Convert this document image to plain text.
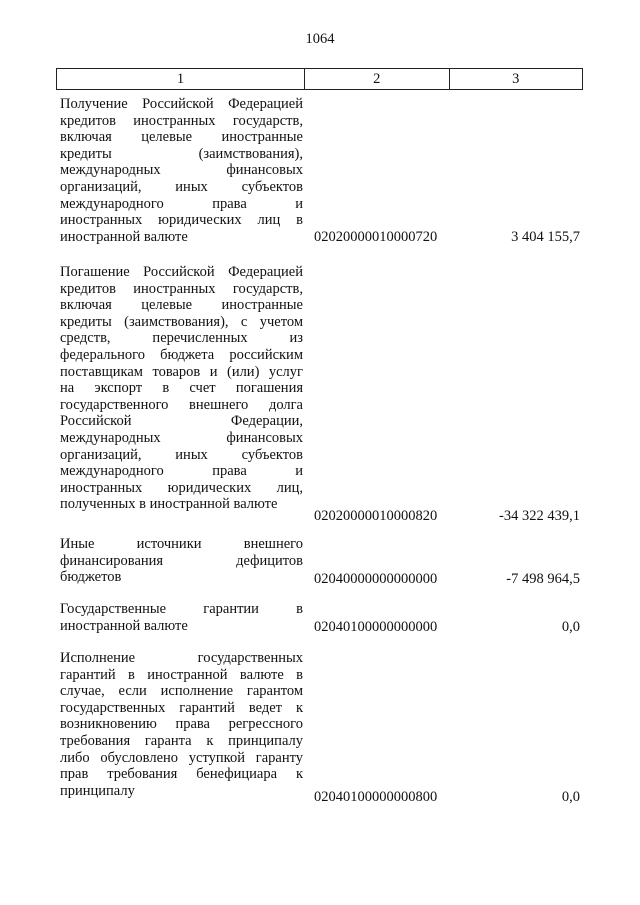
1064
1	2	3
Получение Российской Федерацией
кредитов иностранных государств,
включая целевые иностранные
кредиты (заимствования),
международных финансовых
организаций, иных субъектов
международного права и
иностранных юридических лиц в
иностранной валюте	02020000010000720	3 404 155,7
Погашение Российской Федерацией
кредитов иностранных государств,
включая целевые иностранные
кредиты (заимствования), с учетом
средств, перечисленных из
федерального бюджета российским
поставщикам товаров и (или) услуг
на экспорт в счет погашения
государственного внешнего долга
Российской Федерации,
международных финансовых
организаций, иных субъектов
международного права и
иностранных юридических лиц,
полученных в иностранной валюте
02020000010000820	-34 322 439,1
Иные источники внешнего
финансирования дефицитов
бюджетов	02040000000000000	-7 498 964,5
Государственные гарантии в
иностранной валюте	02040100000000000	0,0
Исполнение государственных
гарантий в иностранной валюте в
случае, если исполнение гарантом
государственных гарантий ведет к
возникновению права регрессного
требования гаранта к принципалу
либо обусловлено уступкой гаранту
прав требования бенефициара к
принципалу	02040100000000800	0,0
